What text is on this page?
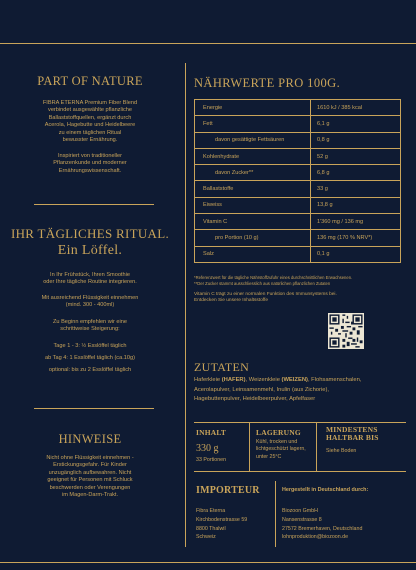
PART OF NATURE
FIBRA ETERNA Premium Fiber Blend
verbindet ausgewählte pflanzliche
Ballaststoffquellen, ergänzt durch
Acerola, Hagebutte und Heidelbeere
zu einem täglichen Ritual
bewusster Ernährung.
Inspiriert von traditioneller
Pflanzenkunde und moderner
Ernährungswissenschaft.
IHR TÄGLICHES RITUAL.
Ein Löffel.
In Ihr Frühstück, Ihren Smoothie
oder Ihre tägliche Routine integrieren.
Mit ausreichend Flüssigkeit einnehmen
(mind. 300 - 400ml)
Zu Beginn empfehlen wir eine
schrittweise Steigerung:
Tage 1 - 3: ½ Esslöffel täglich
ab Tag 4: 1 Esslöffel täglich (ca.10g)
optional: bis zu 2 Esslöffel täglich
HINWEISE
Nicht ohne Flüssigkeit einnehmen -
Erstickungsgefahr. Für Kinder
unzugänglich aufbewahren. Nicht
geeignet für Personen mit Schluck
beschwerden oder Verengungen
im Magen-Darm-Trakt.
NÄHRWERTE PRO 100G.
Energie	1610 kJ / 385 kcal
Fett	6,1 g
davon gesättigte Fettsäuren	0,8 g
Kohlenhydrate	52 g
davon Zucker**	6,8 g
Ballaststoffe	33 g
Eiweiss	13,8 g
Vitamin C	1'360 mg / 136 mg
pro Portion (10 g)	136 mg (170 % NRV*)
Salz	0,1 g
*Referenzwert für die tägliche Nährstoffzufuhr eines durchschnittlichen Erwachsenen.
**Der Zucker stammt ausschliesslich aus natürlichen pflanzlichen Zutaten
Vitamin C trägt zu einer normalen Funktion des Immunsystems bei.
Entdecken Sie unsere Inhaltsstoffe
ZUTATEN
Haferkleie (HAFER), Weizenkleie (WEIZEN), Flohsamenschalen,
Acerolapulver, Leinsamenmehl, Inulin (aus Zichorie),
Hagebuttenpulver, Heidelbeerpulver, Apfelfaser
INHALT
330 g
33 Portionen
LAGERUNG
Kühl, trocken und
lichtgeschützt lagern,
unter 25°C
MINDESTENS
HALTBAR BIS
Siehe Boden
IMPORTEUR
Fibra Eterna
Kirchbodenstrasse 59
8800 Thalwil
Schweiz
Hergestellt in Deutschland durch:
Biozoon GmbH
Nansenstrasse 8
27572 Bremerhaven, Deutschland
lohnproduktion@biozoon.de
